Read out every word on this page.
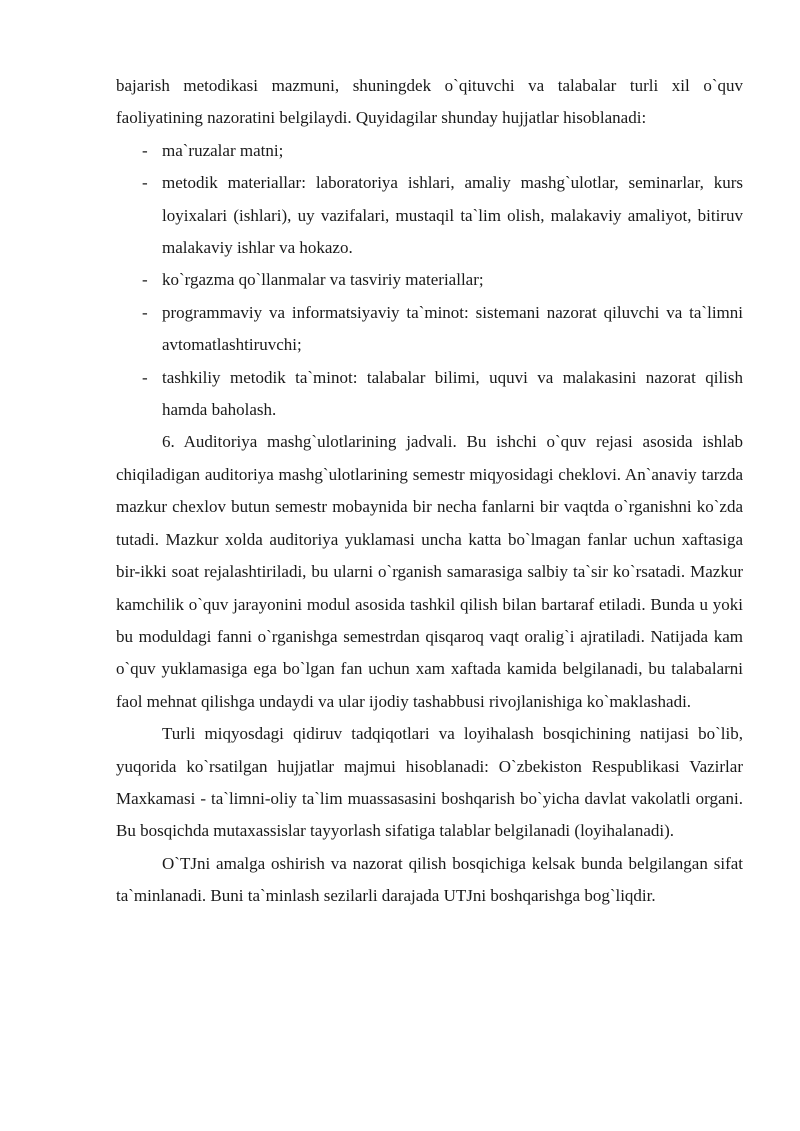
bajarish metodikasi mazmuni, shuningdek o`qituvchi va talabalar turli xil o`quv faoliyatining nazoratini belgilaydi. Quyidagilar shunday hujjatlar hisoblanadi:

- ma`ruzalar matni;
- metodik materiallar: laboratoriya ishlari, amaliy mashg`ulotlar, seminarlar, kurs loyixalari (ishlari), uy vazifalari, mustaqil ta`lim olish, malakaviy amaliyot, bitiruv malakaviy ishlar va hokazo.
- ko`rgazma qo`llanmalar va tasviriy materiallar;
- programmaviy va informatsiyaviy ta`minot: sistemani nazorat qiluvchi va ta`limni avtomatlashtiruvchi;
- tashkiliy metodik ta`minot: talabalar bilimi, uquvi va malakasini nazorat qilish hamda baholash.

6. Auditoriya mashg`ulotlarining jadvali. Bu ishchi o`quv rejasi asosida ishlab chiqiladigan auditoriya mashg`ulotlarining semestr miqyosidagi cheklovi. An`anaviy tarzda mazkur chexlov butun semestr mobaynida bir necha fanlarni bir vaqtda o`rganishni ko`zda tutadi. Mazkur xolda auditoriya yuklamasi uncha katta bo`lmagan fanlar uchun xaftasiga bir-ikki soat rejalashtiriladi, bu ularni o`rganish samarasiga salbiy ta`sir ko`rsatadi. Mazkur kamchilik o`quv jarayonini modul asosida tashkil qilish bilan bartaraf etiladi. Bunda u yoki bu moduldagi fanni o`rganishga semestrdan qisqaroq vaqt oralig`i ajratiladi. Natijada kam o`quv yuklamasiga ega bo`lgan fan uchun xam xaftada kamida belgilanadi, bu talabalarni faol mehnat qilishga undaydi va ular ijodiy tashabbusi rivojlanishiga ko`maklashadi.

Turli miqyosdagi qidiruv tadqiqotlari va loyihalash bosqichining natijasi bo`lib, yuqorida ko`rsatilgan hujjatlar majmui hisoblanadi: O`zbekiston Respublikasi Vazirlar Maxkamasi - ta`limni-oliy ta`lim muassasasini boshqarish bo`yicha davlat vakolatli organi. Bu bosqichda mutaxassislar tayyorlash sifatiga talablar belgilanadi (loyihalanadi).

O`TJni amalga oshirish va nazorat qilish bosqichiga kelsak bunda belgilangan sifat ta`minlanadi. Buni ta`minlash sezilarli darajada UTJni boshqarishga bog`liqdir.
